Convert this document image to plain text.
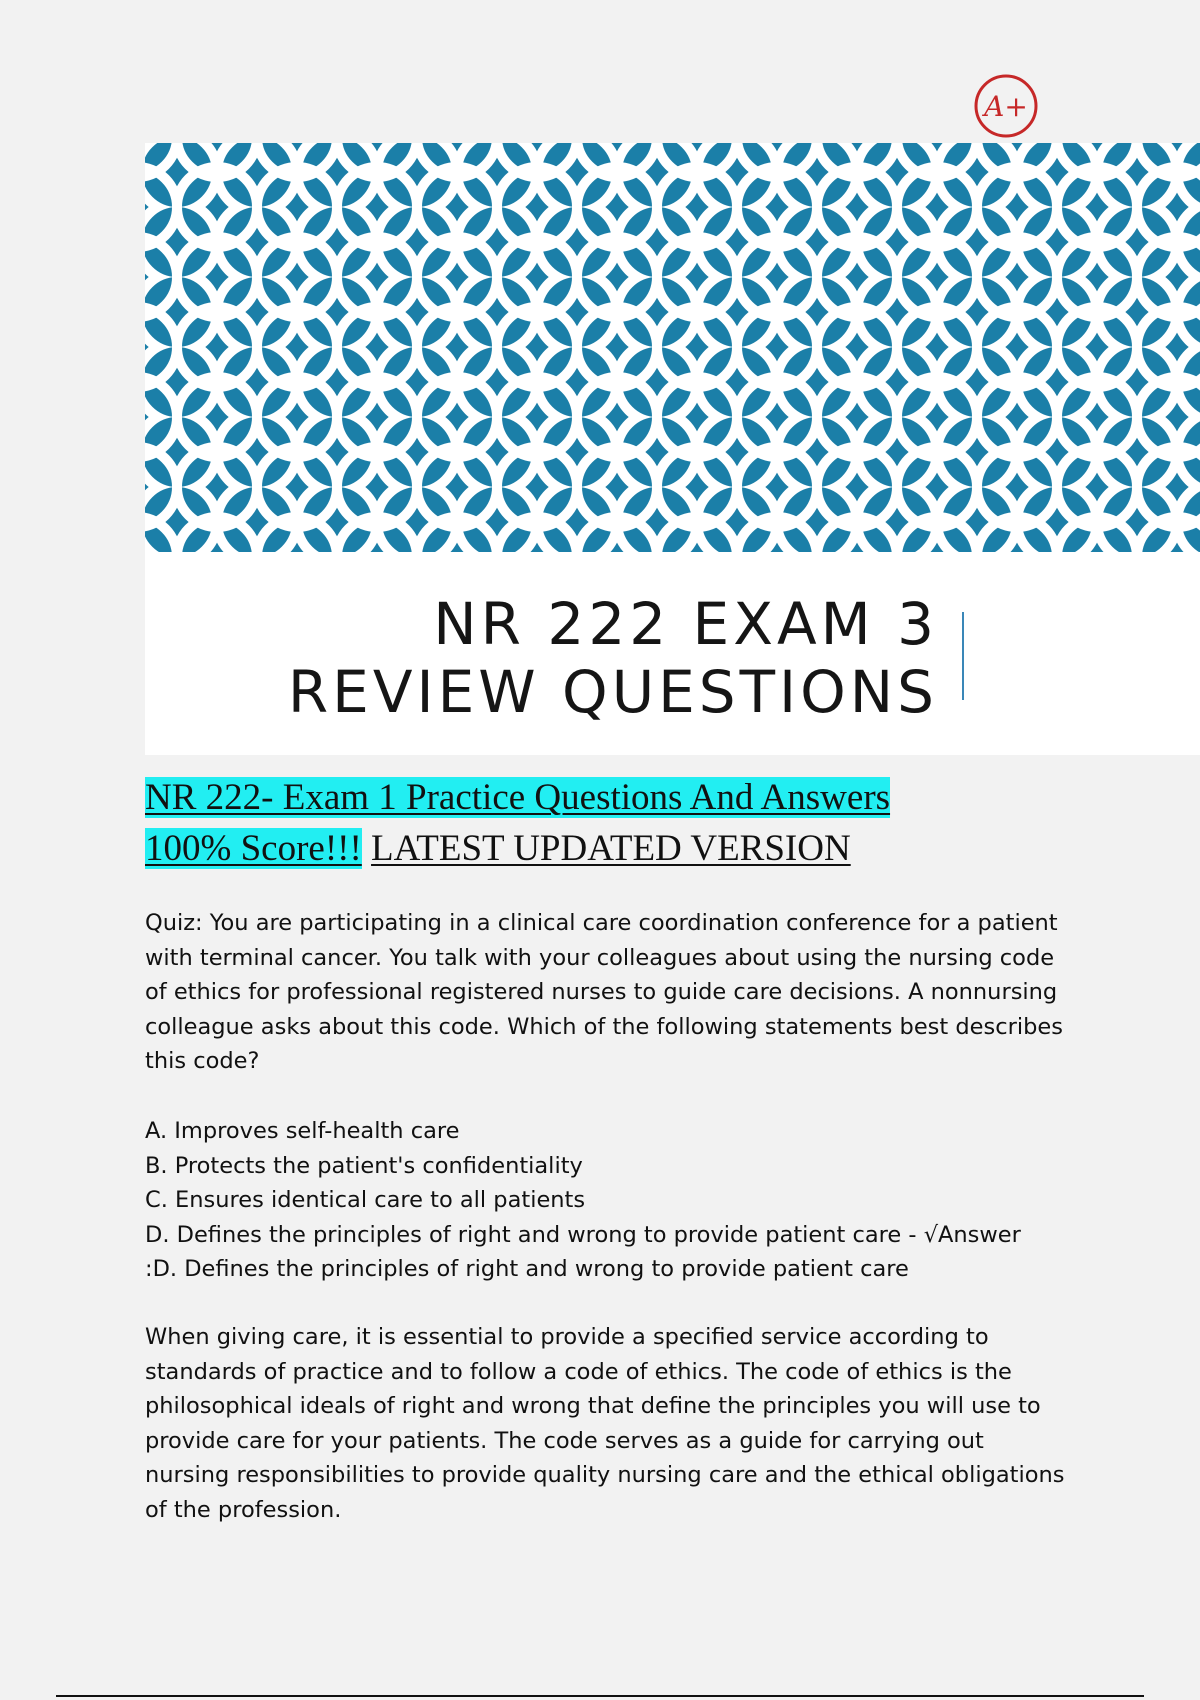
A+
NR 222 EXAM 3
REVIEW QUESTIONS
NR 222- Exam 1 Practice Questions And Answers
100% Score!!! LATEST UPDATED VERSION

Quiz: You are participating in a clinical care coordination conference for a patient with terminal cancer. You talk with your colleagues about using the nursing code of ethics for professional registered nurses to guide care decisions. A nonnursing colleague asks about this code. Which of the following statements best describes this code?

A. Improves self-health care
B. Protects the patient's confidentiality
C. Ensures identical care to all patients
D. Defines the principles of right and wrong to provide patient care - √Answer
:D. Defines the principles of right and wrong to provide patient care

When giving care, it is essential to provide a specified service according to standards of practice and to follow a code of ethics. The code of ethics is the philosophical ideals of right and wrong that define the principles you will use to provide care for your patients. The code serves as a guide for carrying out nursing responsibilities to provide quality nursing care and the ethical obligations of the profession.
